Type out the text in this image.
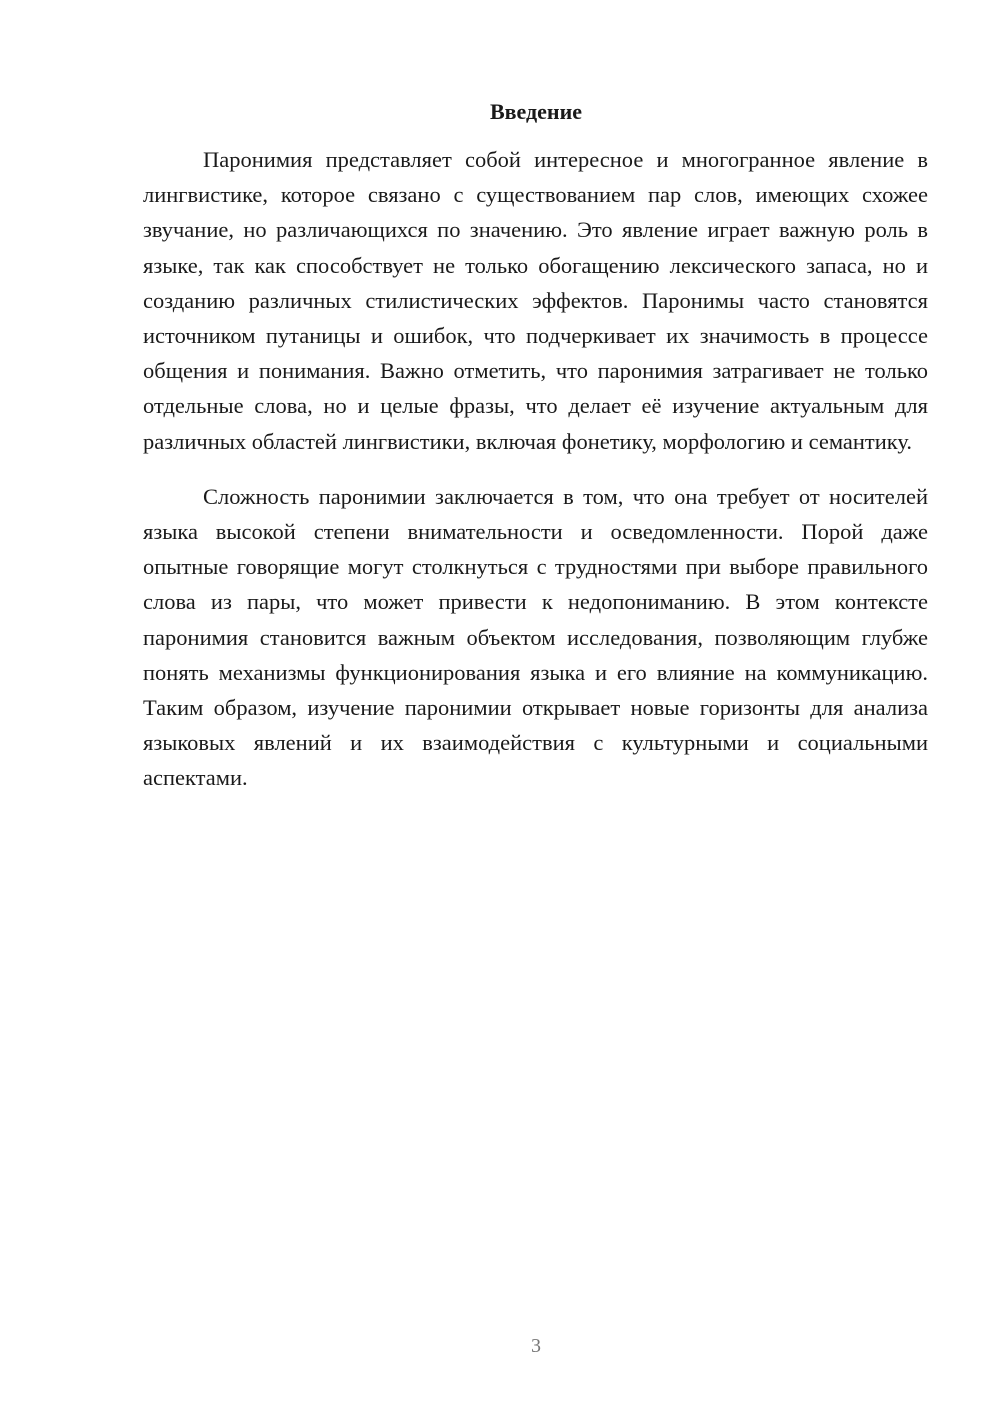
Введение

Паронимия представляет собой интересное и многогранное явление в лингвистике, которое связано с существованием пар слов, имеющих схожее звучание, но различающихся по значению. Это явление играет важную роль в языке, так как способствует не только обогащению лексического запаса, но и созданию различных стилистических эффектов. Паронимы часто становятся источником путаницы и ошибок, что подчеркивает их значимость в процессе общения и понимания. Важно отметить, что паронимия затрагивает не только отдельные слова, но и целые фразы, что делает её изучение актуальным для различных областей лингвистики, включая фонетику, морфологию и семантику.

Сложность паронимии заключается в том, что она требует от носителей языка высокой степени внимательности и осведомленности. Порой даже опытные говорящие могут столкнуться с трудностями при выборе правильного слова из пары, что может привести к недопониманию. В этом контексте паронимия становится важным объектом исследования, позволяющим глубже понять механизмы функционирования языка и его влияние на коммуникацию. Таким образом, изучение паронимии открывает новые горизонты для анализа языковых явлений и их взаимодействия с культурными и социальными аспектами.

3
